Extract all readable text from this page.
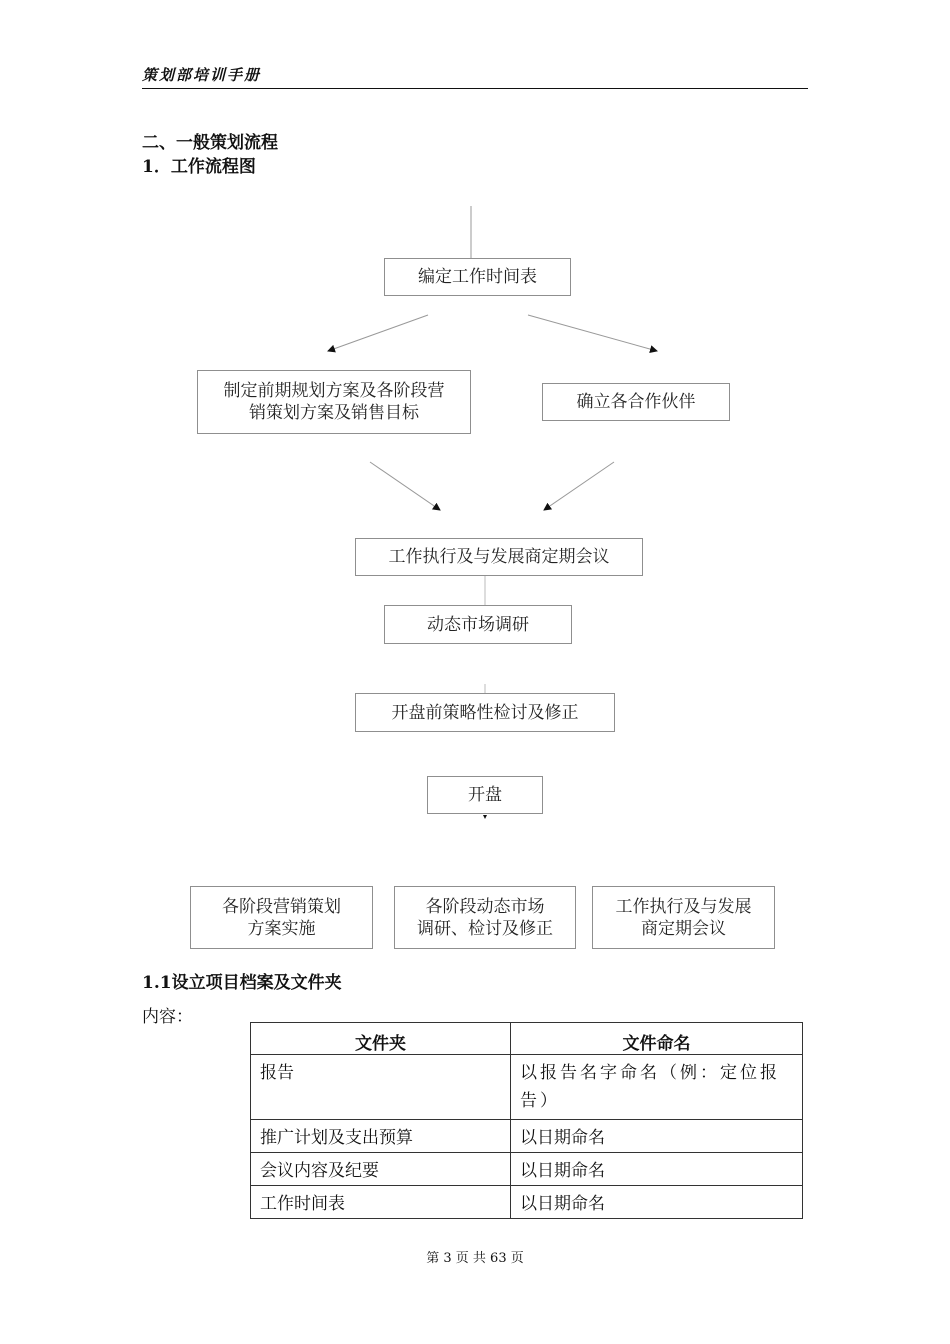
策划部培训手册
二、一般策划流程
1．工作流程图
编定工作时间表
制定前期规划方案及各阶段营
销策划方案及销售目标
确立各合作伙伴
工作执行及与发展商定期会议
动态市场调研
开盘前策略性检讨及修正
开盘
各阶段营销策划
方案实施
各阶段动态市场
调研、检讨及修正
工作执行及与发展
商定期会议
1.1设立项目档案及文件夹
内容：
文件夹	文件命名
报告	以报告名字命名（例：定位报告）
推广计划及支出预算	以日期命名
会议内容及纪要	以日期命名
工作时间表	以日期命名
第 3 页 共 63 页
